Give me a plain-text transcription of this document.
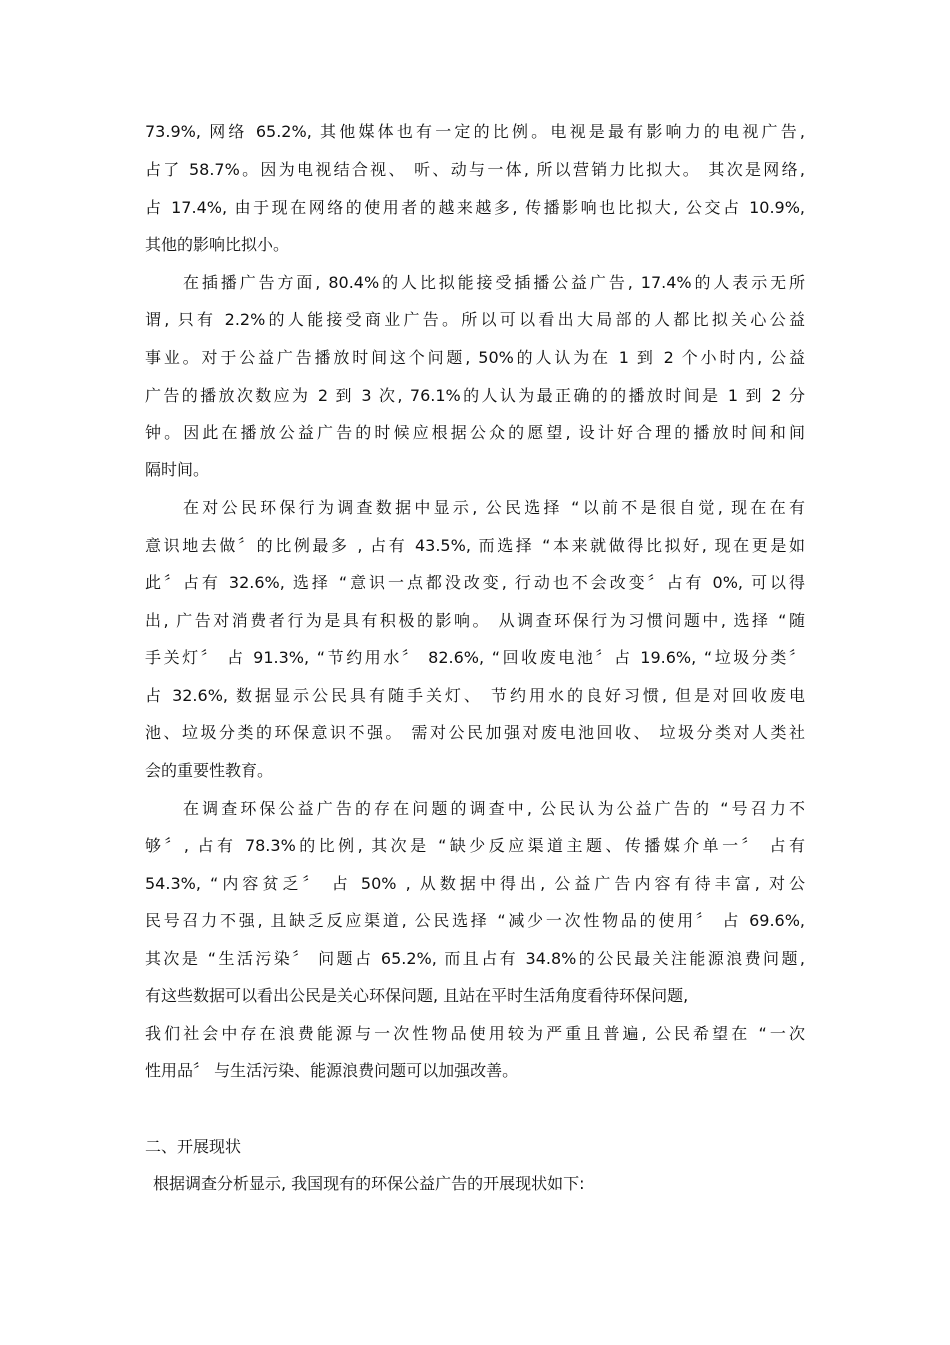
73.9%, 网络 65.2%, 其他媒体也有一定的比例。电视是最有影响力的电视广告,
占了 58.7%。因为电视结合视、 听、动与一体, 所以营销力比拟大。 其次是网络,
占 17.4%, 由于现在网络的使用者的越来越多, 传播影响也比拟大, 公交占 10.9%,
其他的影响比拟小。
在插播广告方面, 80.4%的人比拟能接受插播公益广告, 17.4%的人表示无所
谓, 只有 2.2%的人能接受商业广告。所以可以看出大局部的人都比拟关心公益
事业。对于公益广告播放时间这个问题, 50%的人认为在 1 到 2 个小时内, 公益
广告的播放次数应为 2 到 3 次, 76.1%的人认为最正确的的播放时间是 1 到 2 分
钟。因此在播放公益广告的时候应根据公众的愿望, 设计好合理的播放时间和间
隔时间。
在对公民环保行为调查数据中显示, 公民选择 “以前不是很自觉, 现在在有
意识地去做〞的比例最多 , 占有 43.5%, 而选择 “本来就做得比拟好, 现在更是如
此〞占有 32.6%, 选择 “意识一点都没改变, 行动也不会改变〞占有 0%, 可以得
出, 广告对消费者行为是具有积极的影响。 从调查环保行为习惯问题中, 选择 “随
手关灯〞 占 91.3%, “节约用水〞 82.6%, “回收废电池〞占 19.6%, “垃圾分类〞
占 32.6%, 数据显示公民具有随手关灯、 节约用水的良好习惯, 但是对回收废电
池、垃圾分类的环保意识不强。 需对公民加强对废电池回收、 垃圾分类对人类社
会的重要性教育。
在调查环保公益广告的存在问题的调查中, 公民认为公益广告的 “号召力不
够〞, 占有 78.3%的比例, 其次是 “缺少反应渠道主题、传播媒介单一〞 占有
54.3%, “内容贫乏〞 占 50% , 从数据中得出, 公益广告内容有待丰富, 对公
民号召力不强, 且缺乏反应渠道, 公民选择 “减少一次性物品的使用〞 占 69.6%,
其次是 “生活污染〞 问题占 65.2%, 而且占有 34.8%的公民最关注能源浪费问题,
有这些数据可以看出公民是关心环保问题, 且站在平时生活角度看待环保问题,
我们社会中存在浪费能源与一次性物品使用较为严重且普遍, 公民希望在 “一次
性用品〞 与生活污染、能源浪费问题可以加强改善。
二、开展现状
根据调查分析显示, 我国现有的环保公益广告的开展现状如下:
